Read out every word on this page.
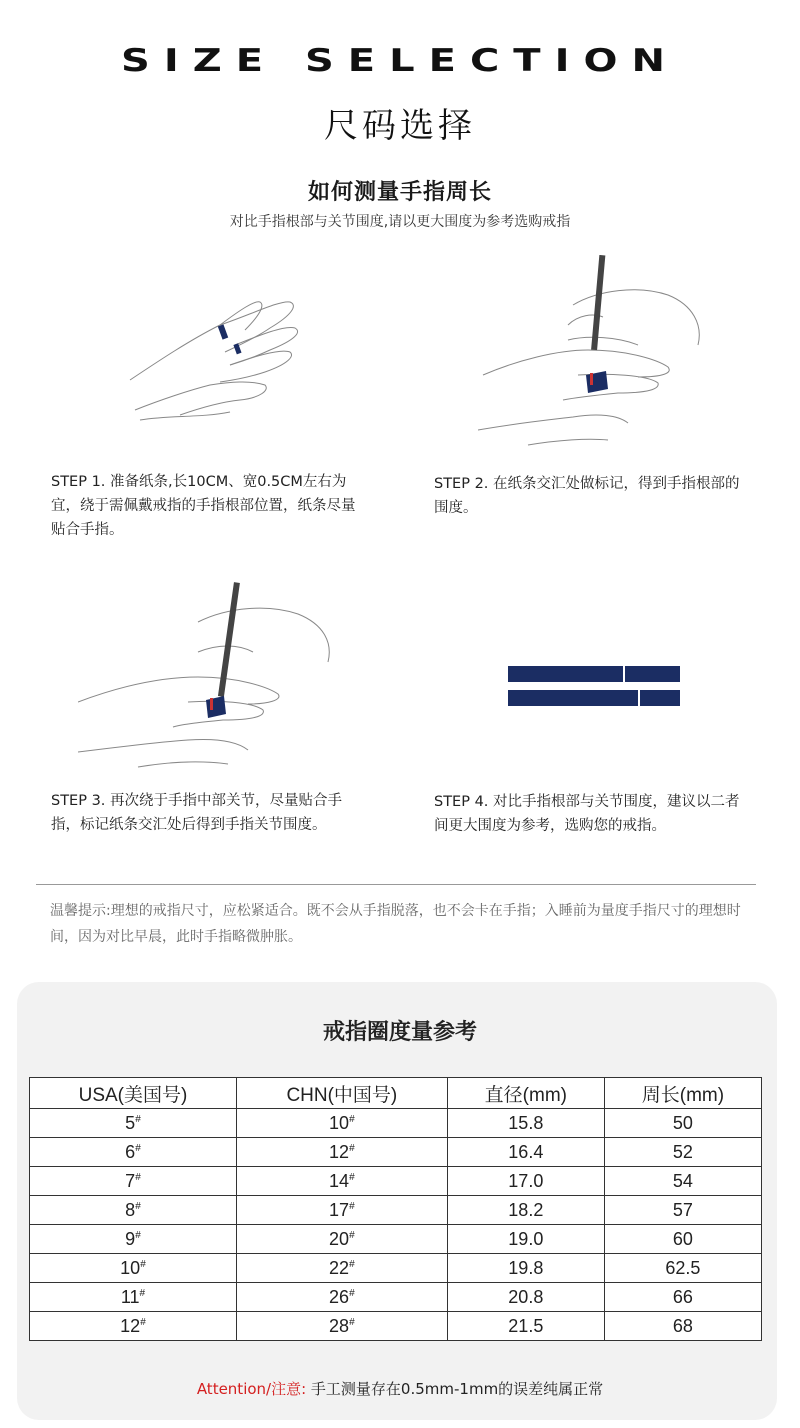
SIZE SELECTION
尺码选择
如何测量手指周长
对比手指根部与关节围度,请以更大围度为参考选购戒指
STEP 1. 准备纸条,长10CM、宽0.5CM左右为宜，绕于需佩戴戒指的手指根部位置，纸条尽量贴合手指。
STEP 2. 在纸条交汇处做标记，得到手指根部的围度。
STEP 3. 再次绕于手指中部关节，尽量贴合手指，标记纸条交汇处后得到手指关节围度。
STEP 4. 对比手指根部与关节围度，建议以二者间更大围度为参考，选购您的戒指。
温馨提示:理想的戒指尺寸，应松紧适合。既不会从手指脱落，也不会卡在手指；入睡前为量度手指尺寸的理想时间，因为对比早晨，此时手指略微肿胀。
戒指圈度量参考
USA(美国号)	CHN(中国号)	直径(mm)	周长(mm)
5#	10#	15.8	50
6#	12#	16.4	52
7#	14#	17.0	54
8#	17#	18.2	57
9#	20#	19.0	60
10#	22#	19.8	62.5
11#	26#	20.8	66
12#	28#	21.5	68
Attention/注意: 手工测量存在0.5mm-1mm的误差纯属正常
